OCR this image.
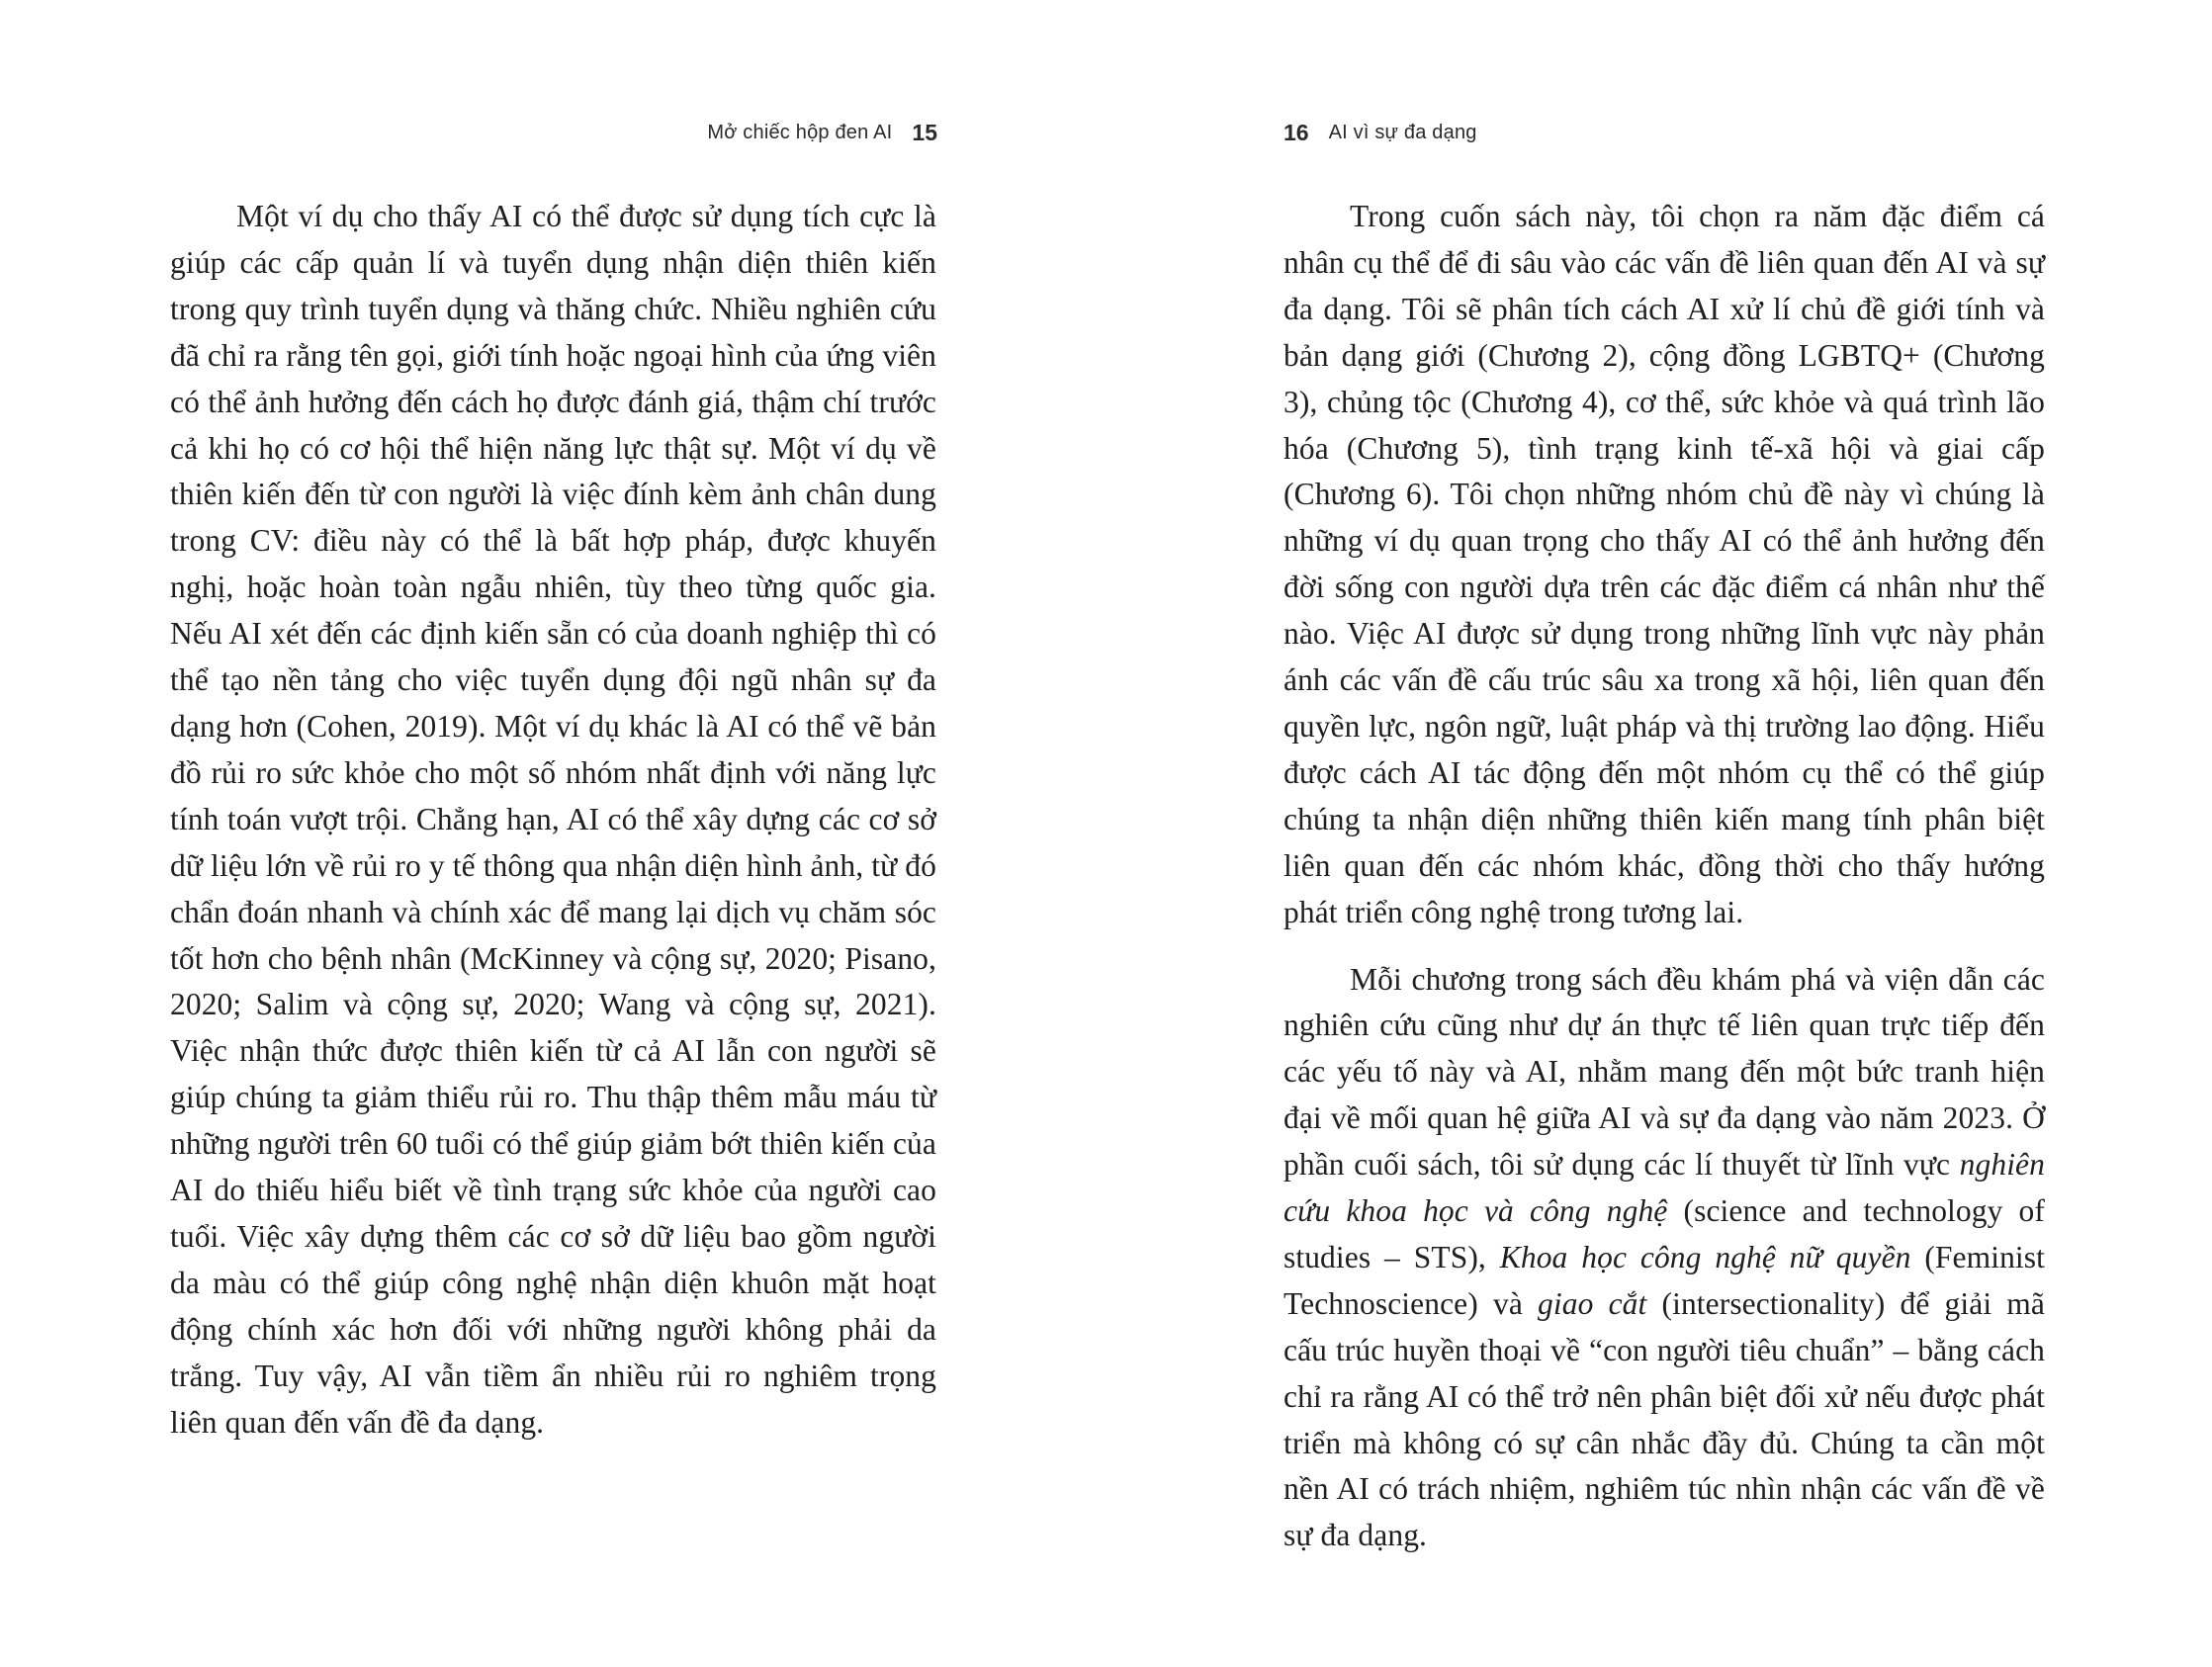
Mở chiếc hộp đen AI 15

Một ví dụ cho thấy AI có thể được sử dụng tích cực là giúp các cấp quản lí và tuyển dụng nhận diện thiên kiến trong quy trình tuyển dụng và thăng chức. Nhiều nghiên cứu đã chỉ ra rằng tên gọi, giới tính hoặc ngoại hình của ứng viên có thể ảnh hưởng đến cách họ được đánh giá, thậm chí trước cả khi họ có cơ hội thể hiện năng lực thật sự. Một ví dụ về thiên kiến đến từ con người là việc đính kèm ảnh chân dung trong CV: điều này có thể là bất hợp pháp, được khuyến nghị, hoặc hoàn toàn ngẫu nhiên, tùy theo từng quốc gia. Nếu AI xét đến các định kiến sẵn có của doanh nghiệp thì có thể tạo nền tảng cho việc tuyển dụng đội ngũ nhân sự đa dạng hơn (Cohen, 2019). Một ví dụ khác là AI có thể vẽ bản đồ rủi ro sức khỏe cho một số nhóm nhất định với năng lực tính toán vượt trội. Chẳng hạn, AI có thể xây dựng các cơ sở dữ liệu lớn về rủi ro y tế thông qua nhận diện hình ảnh, từ đó chẩn đoán nhanh và chính xác để mang lại dịch vụ chăm sóc tốt hơn cho bệnh nhân (McKinney và cộng sự, 2020; Pisano, 2020; Salim và cộng sự, 2020; Wang và cộng sự, 2021). Việc nhận thức được thiên kiến từ cả AI lẫn con người sẽ giúp chúng ta giảm thiểu rủi ro. Thu thập thêm mẫu máu từ những người trên 60 tuổi có thể giúp giảm bớt thiên kiến của AI do thiếu hiểu biết về tình trạng sức khỏe của người cao tuổi. Việc xây dựng thêm các cơ sở dữ liệu bao gồm người da màu có thể giúp công nghệ nhận diện khuôn mặt hoạt động chính xác hơn đối với những người không phải da trắng. Tuy vậy, AI vẫn tiềm ẩn nhiều rủi ro nghiêm trọng liên quan đến vấn đề đa dạng.

16 AI vì sự đa dạng

Trong cuốn sách này, tôi chọn ra năm đặc điểm cá nhân cụ thể để đi sâu vào các vấn đề liên quan đến AI và sự đa dạng. Tôi sẽ phân tích cách AI xử lí chủ đề giới tính và bản dạng giới (Chương 2), cộng đồng LGBTQ+ (Chương 3), chủng tộc (Chương 4), cơ thể, sức khỏe và quá trình lão hóa (Chương 5), tình trạng kinh tế-xã hội và giai cấp (Chương 6). Tôi chọn những nhóm chủ đề này vì chúng là những ví dụ quan trọng cho thấy AI có thể ảnh hưởng đến đời sống con người dựa trên các đặc điểm cá nhân như thế nào. Việc AI được sử dụng trong những lĩnh vực này phản ánh các vấn đề cấu trúc sâu xa trong xã hội, liên quan đến quyền lực, ngôn ngữ, luật pháp và thị trường lao động. Hiểu được cách AI tác động đến một nhóm cụ thể có thể giúp chúng ta nhận diện những thiên kiến mang tính phân biệt liên quan đến các nhóm khác, đồng thời cho thấy hướng phát triển công nghệ trong tương lai.

Mỗi chương trong sách đều khám phá và viện dẫn các nghiên cứu cũng như dự án thực tế liên quan trực tiếp đến các yếu tố này và AI, nhằm mang đến một bức tranh hiện đại về mối quan hệ giữa AI và sự đa dạng vào năm 2023. Ở phần cuối sách, tôi sử dụng các lí thuyết từ lĩnh vực nghiên cứu khoa học và công nghệ (science and technology of studies – STS), Khoa học công nghệ nữ quyền (Feminist Technoscience) và giao cắt (intersectionality) để giải mã cấu trúc huyền thoại về “con người tiêu chuẩn” – bằng cách chỉ ra rằng AI có thể trở nên phân biệt đối xử nếu được phát triển mà không có sự cân nhắc đầy đủ. Chúng ta cần một nền AI có trách nhiệm, nghiêm túc nhìn nhận các vấn đề về sự đa dạng.
